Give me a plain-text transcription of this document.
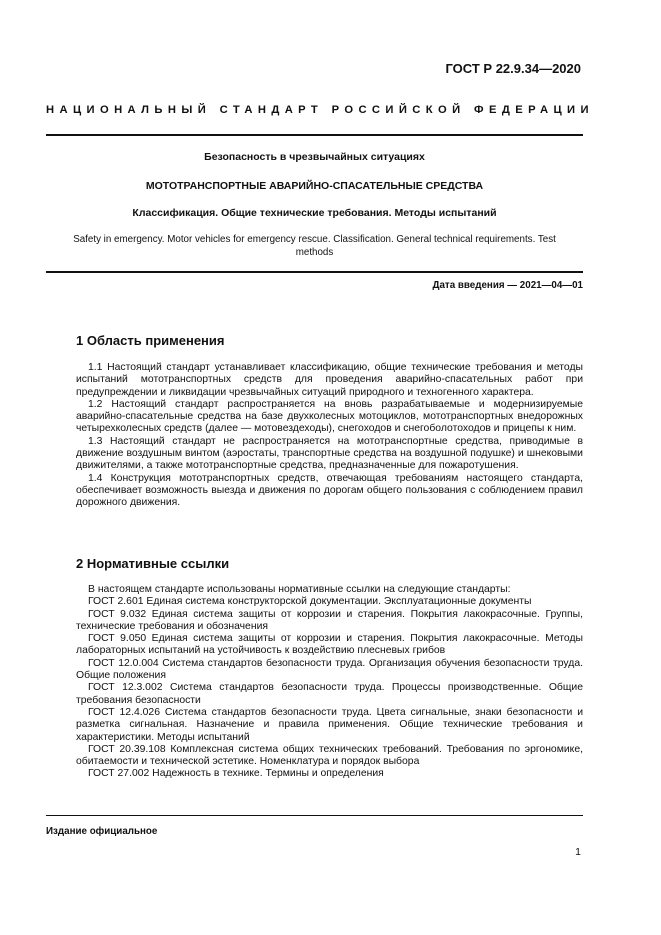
ГОСТ Р 22.9.34—2020
НАЦИОНАЛЬНЫЙ СТАНДАРТ РОССИЙСКОЙ ФЕДЕРАЦИИ
Безопасность в чрезвычайных ситуациях
МОТОТРАНСПОРТНЫЕ АВАРИЙНО-СПАСАТЕЛЬНЫЕ СРЕДСТВА
Классификация. Общие технические требования. Методы испытаний
Safety in emergency. Motor vehicles for emergency rescue. Classification. General technical requirements. Test methods
Дата введения — 2021—04—01
1 Область применения

1.1 Настоящий стандарт устанавливает классификацию, общие технические требования и методы испытаний мототранспортных средств для проведения аварийно-спасательных работ при предупреждении и ликвидации чрезвычайных ситуаций природного и техногенного характера.

1.2 Настоящий стандарт распространяется на вновь разрабатываемые и модернизируемые аварийно-спасательные средства на базе двухколесных мотоциклов, мототранспортных внедорожных четырехколесных средств (далее — мотовездеходы), снегоходов и снегоболотоходов и прицепы к ним.

1.3 Настоящий стандарт не распространяется на мототранспортные средства, приводимые в движение воздушным винтом (аэростаты, транспортные средства на воздушной подушке) и шнековыми движителями, а также мототранспортные средства, предназначенные для пожаротушения.

1.4 Конструкция мототранспортных средств, отвечающая требованиям настоящего стандарта, обеспечивает возможность выезда и движения по дорогам общего пользования с соблюдением правил дорожного движения.

2 Нормативные ссылки

В настоящем стандарте использованы нормативные ссылки на следующие стандарты:

ГОСТ 2.601 Единая система конструкторской документации. Эксплуатационные документы

ГОСТ 9.032 Единая система защиты от коррозии и старения. Покрытия лакокрасочные. Группы, технические требования и обозначения

ГОСТ 9.050 Единая система защиты от коррозии и старения. Покрытия лакокрасочные. Методы лабораторных испытаний на устойчивость к воздействию плесневых грибов

ГОСТ 12.0.004 Система стандартов безопасности труда. Организация обучения безопасности труда. Общие положения

ГОСТ 12.3.002 Система стандартов безопасности труда. Процессы производственные. Общие требования безопасности

ГОСТ 12.4.026 Система стандартов безопасности труда. Цвета сигнальные, знаки безопасности и разметка сигнальная. Назначение и правила применения. Общие технические требования и характеристики. Методы испытаний

ГОСТ 20.39.108 Комплексная система общих технических требований. Требования по эргономике, обитаемости и технической эстетике. Номенклатура и порядок выбора

ГОСТ 27.002 Надежность в технике. Термины и определения

Издание официальное
1
